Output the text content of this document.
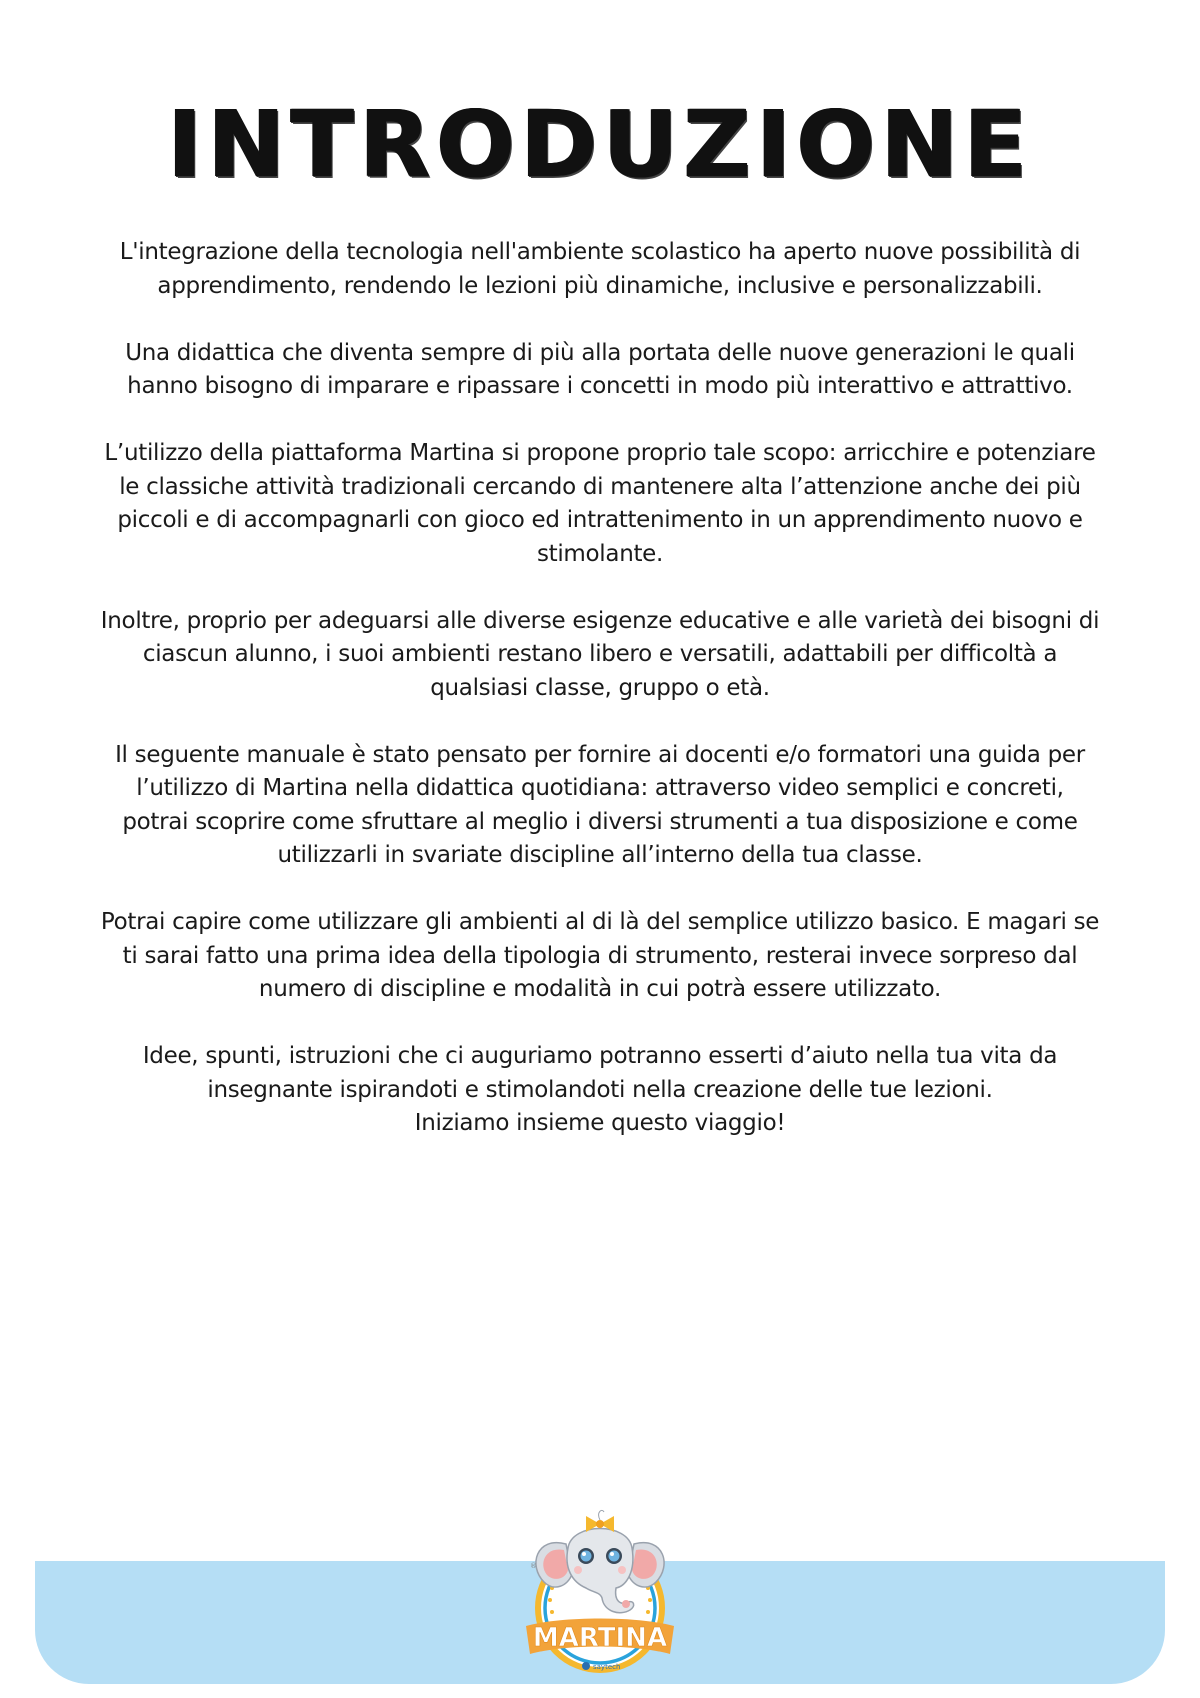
INTRODUZIONE

L'integrazione della tecnologia nell'ambiente scolastico ha aperto nuove possibilità di
apprendimento, rendendo le lezioni più dinamiche, inclusive e personalizzabili.

Una didattica che diventa sempre di più alla portata delle nuove generazioni le quali
hanno bisogno di imparare e ripassare i concetti in modo più interattivo e attrattivo.

L’utilizzo della piattaforma Martina si propone proprio tale scopo: arricchire e potenziare
le classiche attività tradizionali cercando di mantenere alta l’attenzione anche dei più
piccoli e di accompagnarli con gioco ed intrattenimento in un apprendimento nuovo e
stimolante.

Inoltre, proprio per adeguarsi alle diverse esigenze educative e alle varietà dei bisogni di
ciascun alunno, i suoi ambienti restano libero e versatili, adattabili per difficoltà a
qualsiasi classe, gruppo o età.

Il seguente manuale è stato pensato per fornire ai docenti e/o formatori una guida per
l’utilizzo di Martina nella didattica quotidiana: attraverso video semplici e concreti,
potrai scoprire come sfruttare al meglio i diversi strumenti a tua disposizione e come
utilizzarli in svariate discipline all’interno della tua classe.

Potrai capire come utilizzare gli ambienti al di là del semplice utilizzo basico. E magari se
ti sarai fatto una prima idea della tipologia di strumento, resterai invece sorpreso dal
numero di discipline e modalità in cui potrà essere utilizzato.

Idee, spunti, istruzioni che ci auguriamo potranno esserti d’aiuto nella tua vita da
insegnante ispirandoti e stimolandoti nella creazione delle tue lezioni.
Iniziamo insieme questo viaggio!

MARTINA
saytech
®
